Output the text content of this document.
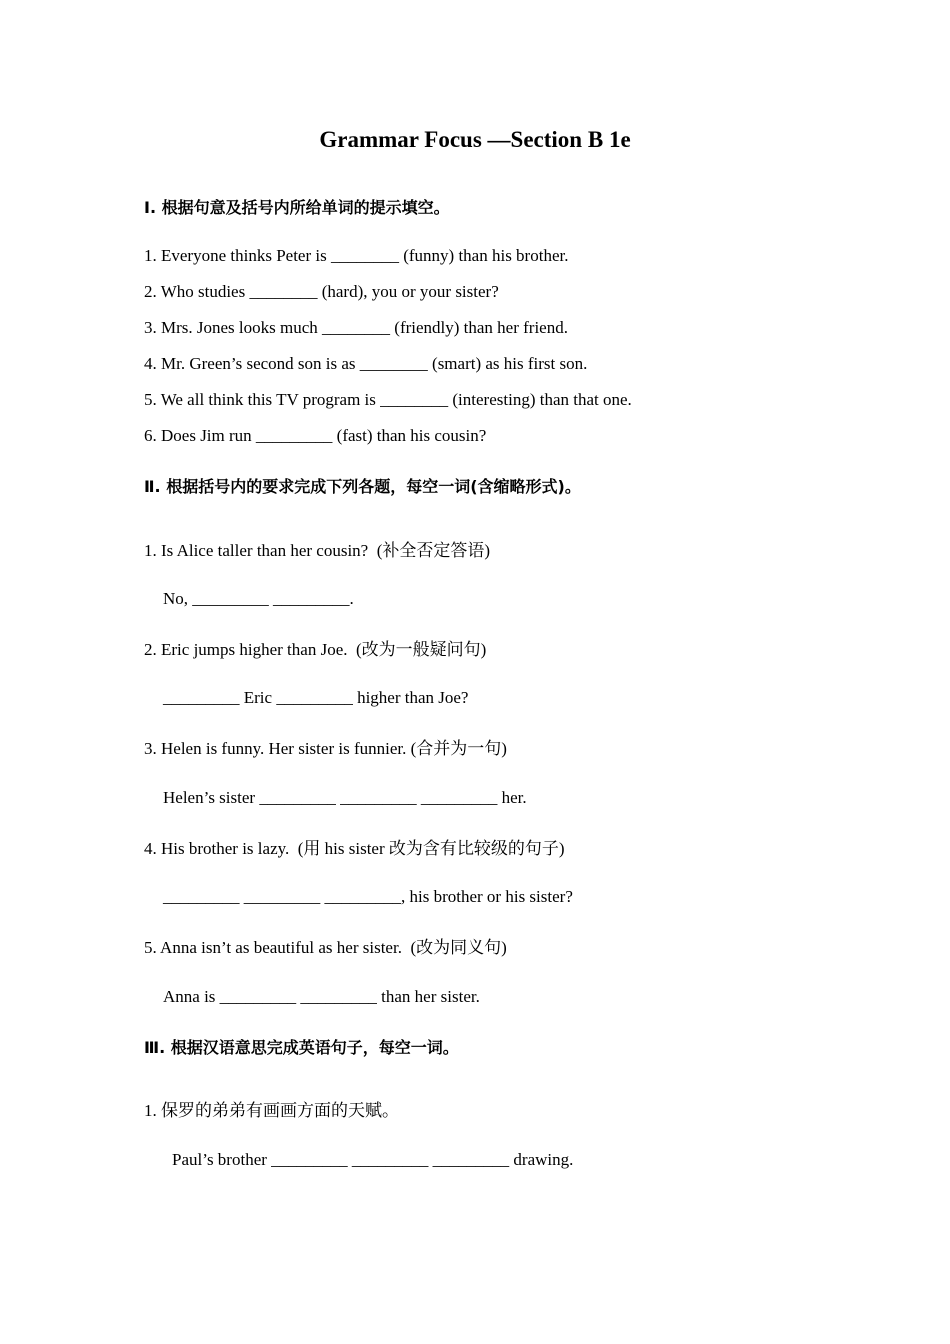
Grammar Focus —Section B 1e
Ⅰ. 根据句意及括号内所给单词的提示填空。
1. Everyone thinks Peter is ________ (funny) than his brother.
2. Who studies ________ (hard), you or your sister?
3. Mrs. Jones looks much ________ (friendly) than her friend.
4. Mr. Green’s second son is as ________ (smart) as his first son.
5. We all think this TV program is ________ (interesting) than that one.
6. Does Jim run _________ (fast) than his cousin?
Ⅱ. 根据括号内的要求完成下列各题，每空一词(含缩略形式)。
1. Is Alice taller than her cousin?  (补全否定答语)
No, _________ _________.
2. Eric jumps higher than Joe.  (改为一般疑问句)
_________ Eric _________ higher than Joe?
3. Helen is funny. Her sister is funnier. (合并为一句)
Helen’s sister _________ _________ _________ her.
4. His brother is lazy.  (用 his sister 改为含有比较级的句子)
_________ _________ _________, his brother or his sister?
5. Anna isn’t as beautiful as her sister.  (改为同义句)
Anna is _________ _________ than her sister.
Ⅲ. 根据汉语意思完成英语句子，每空一词。
1. 保罗的弟弟有画画方面的天赋。
Paul’s brother _________ _________ _________ drawing.
